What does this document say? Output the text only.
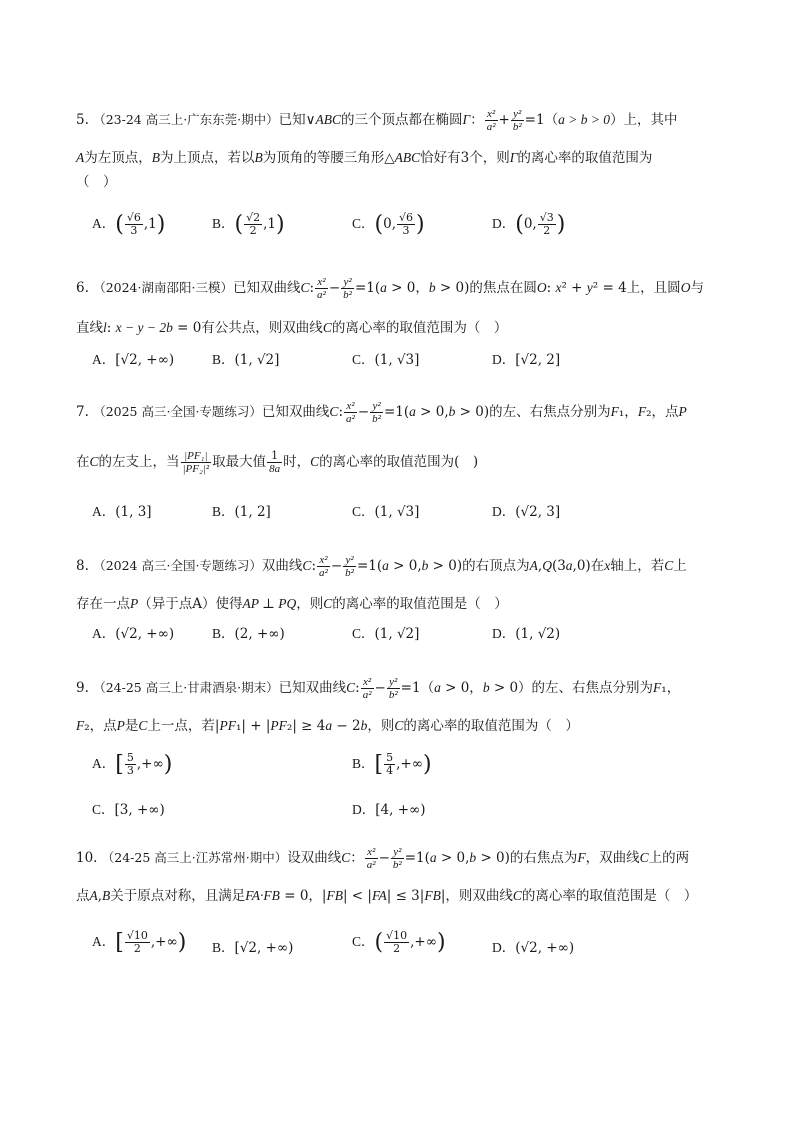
5. （23-24 高三上·广东东莞·期中）已知∨ABC的三个顶点都在椭圆Γ： $\frac{\text{x²}}{\text{a²}} + \frac{\text{y²}}{\text{b²}} =1(a > b > 0)$上，其中
A为左顶点，B为上顶点，若以B为顶角的等腰三角形△ABC恰好有3个，则Γ的离心率的取值范围为
（　）
A．( $\frac{√6}{3} ,1$)	B．( $\frac{√2}{2} ,1$)	C．(0, $\frac{√6}{3}$ )	D．(0, $\frac{√3}{2}$ )
6. （2024·湖南邵阳·三模）已知双曲线C: $\frac{\text{x²}}{\text{a²}} - \frac{\text{y²}}{\text{b²}} =1(a > 0$，b > 0)的焦点在圆O: x² + y² = 4上，且圆O与
直线l: x − y − 2b = 0有公共点，则双曲线C的离心率的取值范围为（　）
A．[√2, +∞)	B．(1, √2]	C．(1, √3]	D．[√2, 2]
7. （2025 高三·全国·专题练习）已知双曲线C: $\frac{\text{x²}}{\text{a²}} - \frac{\text{y²}}{\text{b²}} =1(a > 0,b > 0)$的左、右焦点分别为F₁，F₂，点P
在C的左支上，当 $\frac{\text{|PF₁|}}{\text{|PF₂|²}}$ 取最大值 $\frac{1}{8a}$ 时，C的离心率的取值范围为(　)
A．(1, 3]	B．(1, 2]	C．(1, √3]	D．(√2, 3]
8. （2024 高三·全国·专题练习）双曲线C: $\frac{\text{x²}}{\text{a²}} - \frac{\text{y²}}{\text{b²}} =1(a > 0,b > 0)$的右顶点为A,Q(3a,0)在x轴上，若C上
存在一点P（异于点A）使得AP ⊥ PQ，则C的离心率的取值范围是（　）
A．(√2, +∞)	B．(2, +∞)	C．(1, √2]	D．(1, √2)
9. （24-25 高三上·甘肃酒泉·期末）已知双曲线C: $\frac{\text{x²}}{\text{a²}} - \frac{\text{y²}}{\text{b²}} =1(a > 0$，b > 0）的左、右焦点分别为F₁，
F₂，点P是C上一点，若|PF₁| + |PF₂| ≥ 4a − 2b，则C的离心率的取值范围为（　）
A．[ $\frac{5}{3}$ ,+∞)	B．[ $\frac{5}{4}$ ,+∞)
C．[3, +∞)	D．[4, +∞)
10. （24-25 高三上·江苏常州·期中）设双曲线C： $\frac{\text{x²}}{\text{a²}} - \frac{\text{y²}}{\text{b²}} =1(a > 0,b > 0)$的右焦点为F，双曲线C上的两
点A,B关于原点对称，且满足FA·FB = 0，|FB| < |FA| ≤ 3|FB|，则双曲线C的离心率的取值范围是（　）
A．[ $\frac{√10}{2}$ ,+∞) B．[√2, +∞)	C．( $\frac{√10}{2}$ ,+∞)	D．(√2, +∞)
